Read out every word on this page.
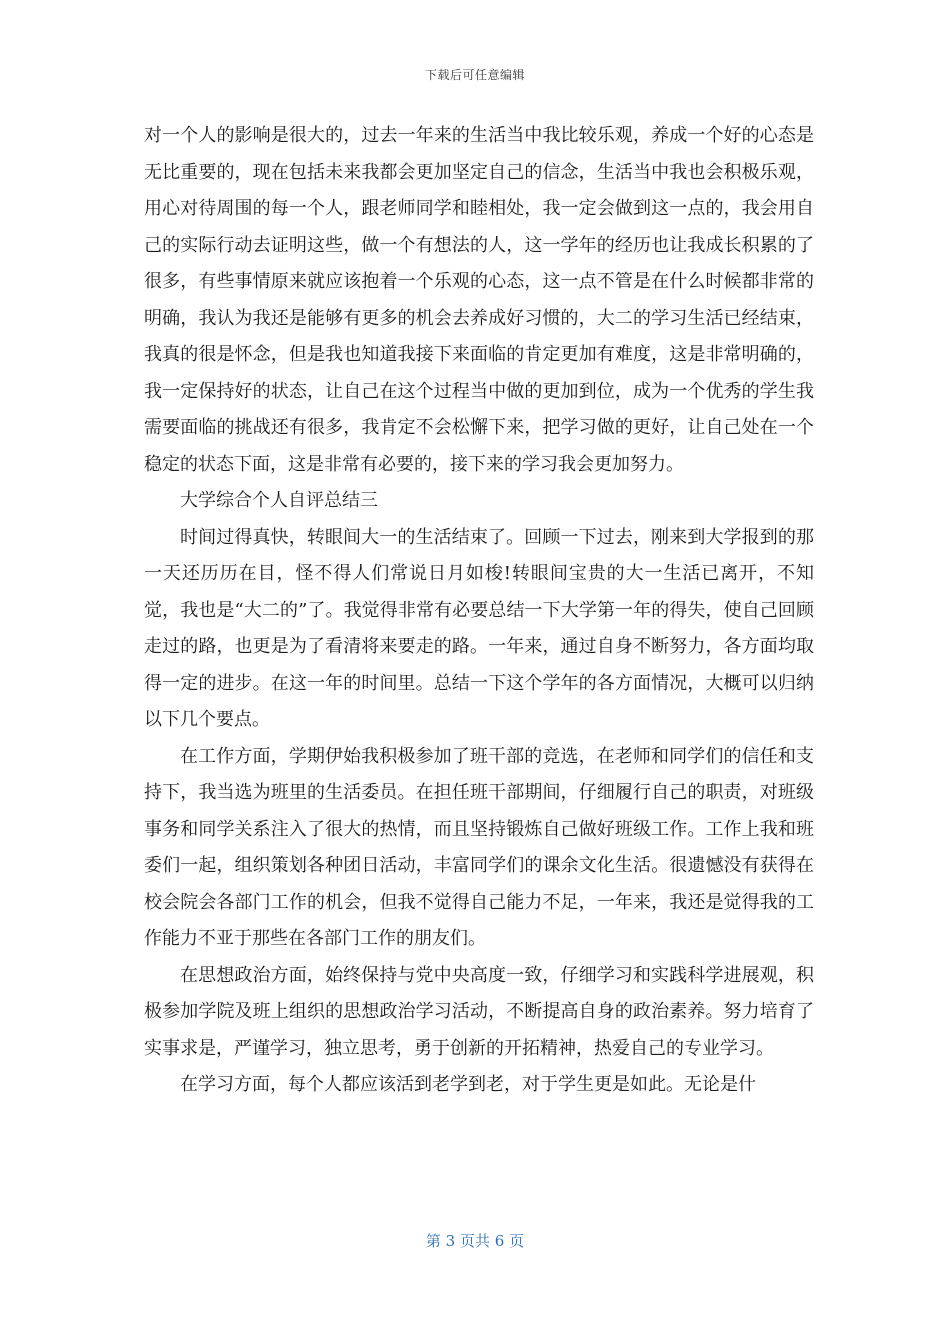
下载后可任意编辑

对一个人的影响是很大的，过去一年来的生活当中我比较乐观，养成一个好的心态是无比重要的，现在包括未来我都会更加坚定自己的信念，生活当中我也会积极乐观，用心对待周围的每一个人，跟老师同学和睦相处，我一定会做到这一点的，我会用自己的实际行动去证明这些，做一个有想法的人，这一学年的经历也让我成长积累的了很多，有些事情原来就应该抱着一个乐观的心态，这一点不管是在什么时候都非常的明确，我认为我还是能够有更多的机会去养成好习惯的，大二的学习生活已经结束，我真的很是怀念，但是我也知道我接下来面临的肯定更加有难度，这是非常明确的，我一定保持好的状态，让自己在这个过程当中做的更加到位，成为一个优秀的学生我需要面临的挑战还有很多，我肯定不会松懈下来，把学习做的更好，让自己处在一个稳定的状态下面，这是非常有必要的，接下来的学习我会更加努力。

大学综合个人自评总结三

时间过得真快，转眼间大一的生活结束了。回顾一下过去，刚来到大学报到的那一天还历历在目，怪不得人们常说日月如梭!转眼间宝贵的大一生活已离开，不知觉，我也是“大二的”了。我觉得非常有必要总结一下大学第一年的得失，使自己回顾走过的路，也更是为了看清将来要走的路。一年来，通过自身不断努力，各方面均取得一定的进步。在这一年的时间里。总结一下这个学年的各方面情况，大概可以归纳以下几个要点。

在工作方面，学期伊始我积极参加了班干部的竞选，在老师和同学们的信任和支持下，我当选为班里的生活委员。在担任班干部期间，仔细履行自己的职责，对班级事务和同学关系注入了很大的热情，而且坚持锻炼自己做好班级工作。工作上我和班委们一起，组织策划各种团日活动，丰富同学们的课余文化生活。很遗憾没有获得在校会院会各部门工作的机会，但我不觉得自己能力不足，一年来，我还是觉得我的工作能力不亚于那些在各部门工作的朋友们。

在思想政治方面，始终保持与党中央高度一致，仔细学习和实践科学进展观，积极参加学院及班上组织的思想政治学习活动，不断提高自身的政治素养。努力培育了实事求是，严谨学习，独立思考，勇于创新的开拓精神，热爱自己的专业学习。

在学习方面，每个人都应该活到老学到老，对于学生更是如此。无论是什

第 3 页共 6 页
